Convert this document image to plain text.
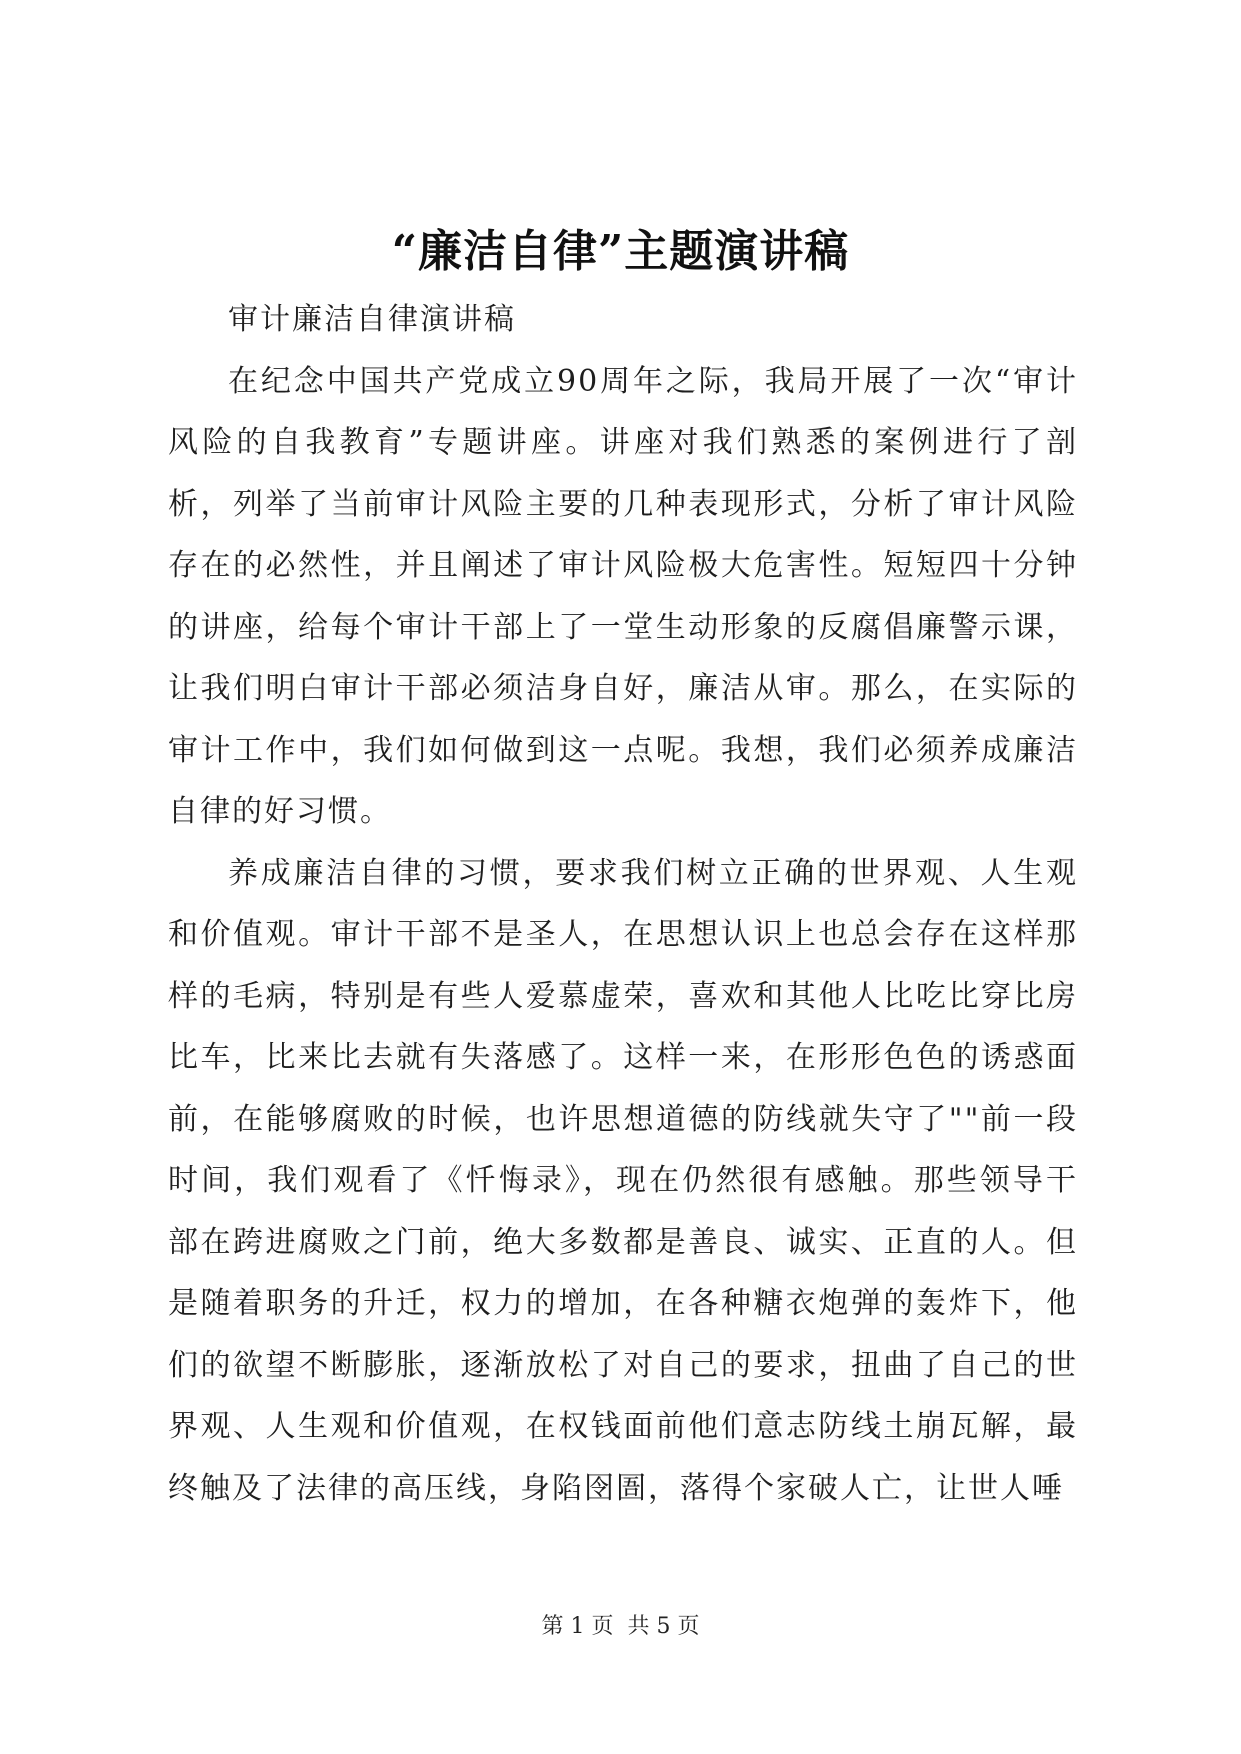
“廉洁自律”主题演讲稿

审计廉洁自律演讲稿

在纪念中国共产党成立90周年之际，我局开展了一次“审计风险的自我教育”专题讲座。讲座对我们熟悉的案例进行了剖析，列举了当前审计风险主要的几种表现形式，分析了审计风险存在的必然性，并且阐述了审计风险极大危害性。短短四十分钟的讲座，给每个审计干部上了一堂生动形象的反腐倡廉警示课，让我们明白审计干部必须洁身自好，廉洁从审。那么，在实际的审计工作中，我们如何做到这一点呢。我想，我们必须养成廉洁自律的好习惯。

养成廉洁自律的习惯，要求我们树立正确的世界观、人生观和价值观。审计干部不是圣人，在思想认识上也总会存在这样那样的毛病，特别是有些人爱慕虚荣，喜欢和其他人比吃比穿比房比车，比来比去就有失落感了。这样一来，在形形色色的诱惑面前，在能够腐败的时候，也许思想道德的防线就失守了""前一段时间，我们观看了《忏悔录》，现在仍然很有感触。那些领导干部在跨进腐败之门前，绝大多数都是善良、诚实、正直的人。但是随着职务的升迁，权力的增加，在各种糖衣炮弹的轰炸下，他们的欲望不断膨胀，逐渐放松了对自己的要求，扭曲了自己的世界观、人生观和价值观，在权钱面前他们意志防线土崩瓦解，最终触及了法律的高压线，身陷囹圄，落得个家破人亡，让世人唾

第 1 页 共 5 页
